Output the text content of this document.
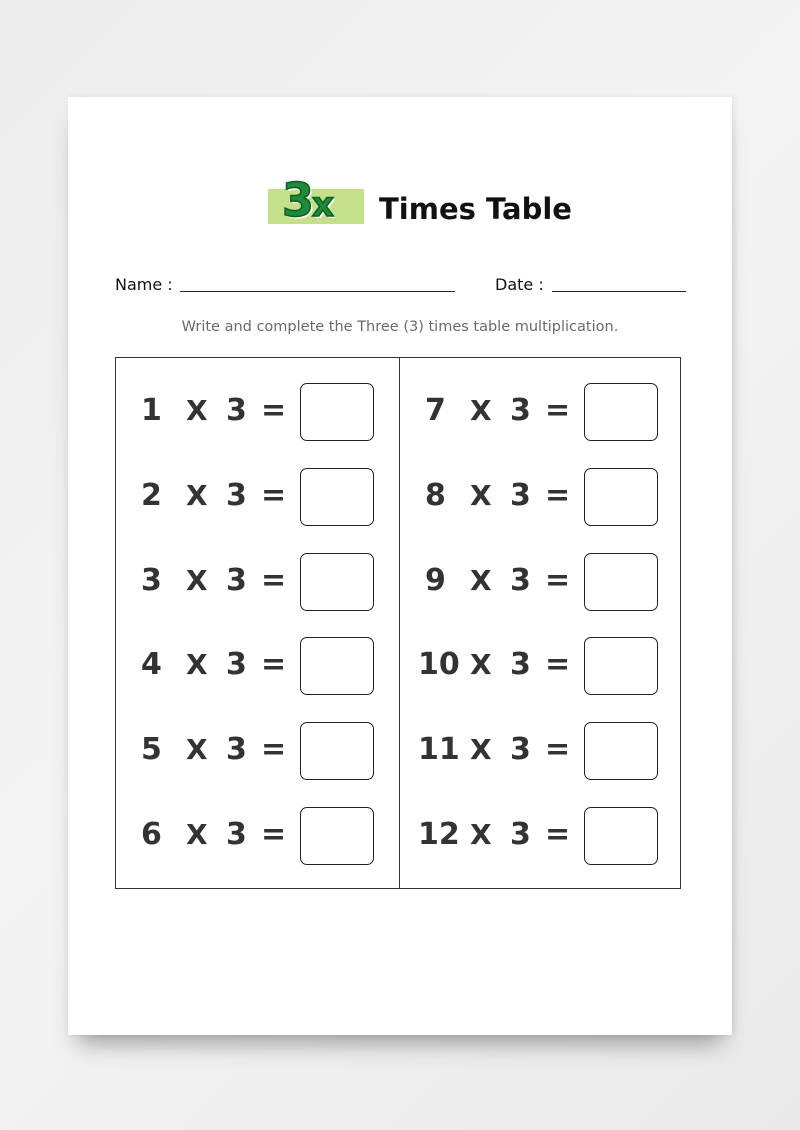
3x Times Table
Name :	Date :
Write and complete the Three (3) times table multiplication.
1 X 3 =
2 X 3 =
3 X 3 =
4 X 3 =
5 X 3 =
6 X 3 =
7 X 3 =
8 X 3 =
9 X 3 =
10 X 3 =
11 X 3 =
12 X 3 =
